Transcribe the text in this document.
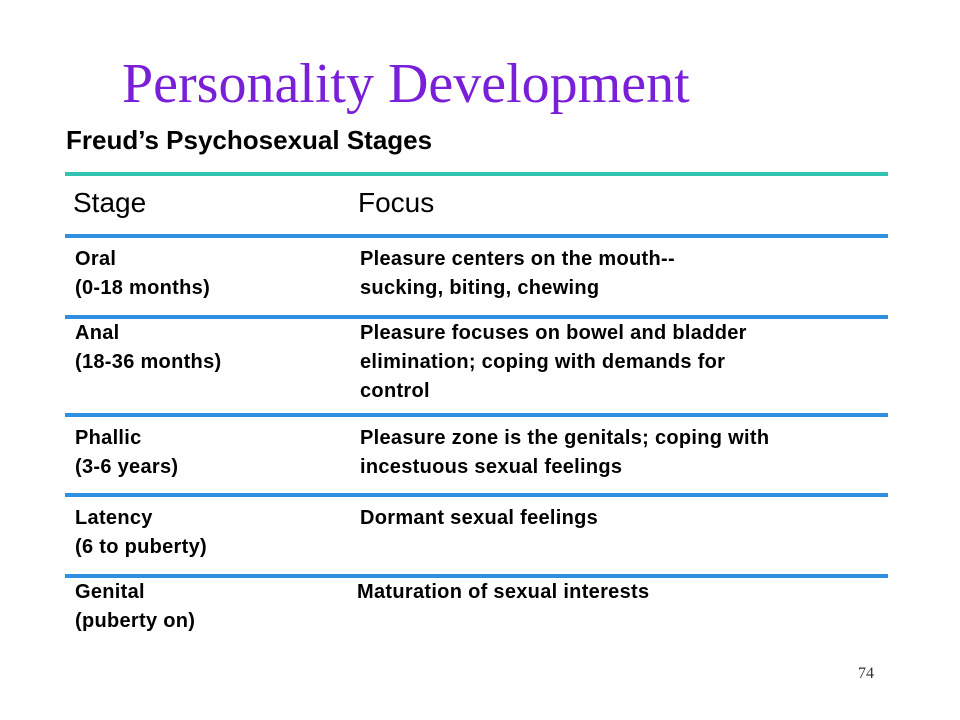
Personality Development
Freud’s Psychosexual Stages
Stage	Focus
Oral
(0-18 months)
Pleasure centers on the mouth--
sucking, biting, chewing
Anal
(18-36 months)
Pleasure focuses on bowel and bladder
elimination; coping with demands for
control
Phallic
(3-6 years)
Pleasure zone is the genitals; coping with
incestuous sexual feelings
Latency
(6 to puberty)
Dormant sexual feelings
Genital
(puberty on)
Maturation of sexual interests
74
